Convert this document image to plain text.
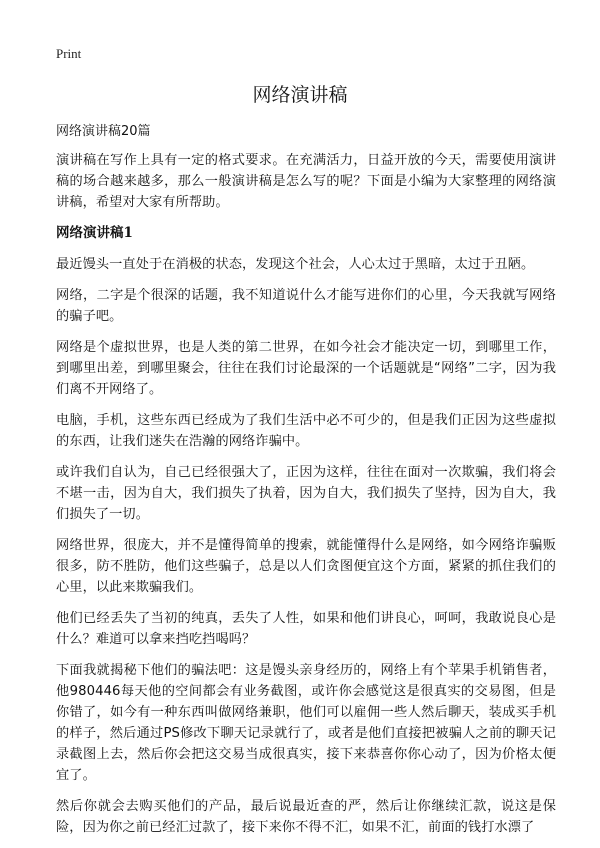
Print
网络演讲稿
网络演讲稿20篇

演讲稿在写作上具有一定的格式要求。在充满活力，日益开放的今天，需要使用演讲稿的场合越来越多，那么一般演讲稿是怎么写的呢？下面是小编为大家整理的网络演讲稿，希望对大家有所帮助。

网络演讲稿1

最近馒头一直处于在消极的状态，发现这个社会，人心太过于黑暗，太过于丑陋。

网络，二字是个很深的话题，我不知道说什么才能写进你们的心里，今天我就写网络的骗子吧。

网络是个虚拟世界，也是人类的第二世界，在如今社会才能决定一切，到哪里工作，到哪里出差，到哪里聚会，往往在我们讨论最深的一个话题就是“网络”二字，因为我们离不开网络了。

电脑，手机，这些东西已经成为了我们生活中必不可少的，但是我们正因为这些虚拟的东西，让我们迷失在浩瀚的网络诈骗中。

或许我们自认为，自己已经很强大了，正因为这样，往往在面对一次欺骗，我们将会不堪一击，因为自大，我们损失了执着，因为自大，我们损失了坚持，因为自大，我们损失了一切。

网络世界，很庞大，并不是懂得简单的搜索，就能懂得什么是网络，如今网络诈骗贩很多，防不胜防，他们这些骗子，总是以人们贪图便宜这个方面，紧紧的抓住我们的心里，以此来欺骗我们。

他们已经丢失了当初的纯真，丢失了人性，如果和他们讲良心，呵呵，我敢说良心是什么？难道可以拿来挡吃挡喝吗？

下面我就揭秘下他们的骗法吧：这是馒头亲身经历的，网络上有个苹果手机销售者，他980446每天他的空间都会有业务截图，或许你会感觉这是很真实的交易图，但是你错了，如今有一种东西叫做网络兼职，他们可以雇佣一些人然后聊天，装成买手机的样子，然后通过PS修改下聊天记录就行了，或者是他们直接把被骗人之前的聊天记录截图上去，然后你会把这交易当成很真实，接下来恭喜你你心动了，因为价格太便宜了。

然后你就会去购买他们的产品，最后说最近查的严，然后让你继续汇款，说这是保险，因为你之前已经汇过款了，接下来你不得不汇，如果不汇，前面的钱打水漂了
